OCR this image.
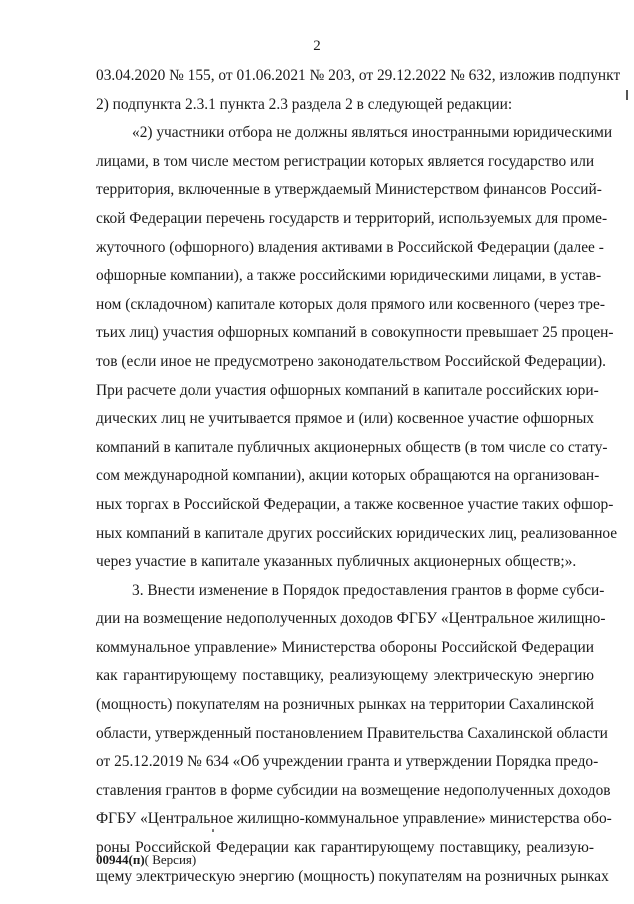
2
03.04.2020 № 155, от 01.06.2021 № 203, от 29.12.2022 № 632, изложив подпункт
2) подпункта 2.3.1 пункта 2.3 раздела 2 в следующей редакции:
«2) участники отбора не должны являться иностранными юридическими
лицами, в том числе местом регистрации которых является государство или
территория, включенные в утверждаемый Министерством финансов Россий-
ской Федерации перечень государств и территорий, используемых для проме-
жуточного (офшорного) владения активами в Российской Федерации (далее -
офшорные компании), а также российскими юридическими лицами, в устав-
ном (складочном) капитале которых доля прямого или косвенного (через тре-
тьих лиц) участия офшорных компаний в совокупности превышает 25 процен-
тов (если иное не предусмотрено законодательством Российской Федерации).
При расчете доли участия офшорных компаний в капитале российских юри-
дических лиц не учитывается прямое и (или) косвенное участие офшорных
компаний в капитале публичных акционерных обществ (в том числе со стату-
сом международной компании), акции которых обращаются на организован-
ных торгах в Российской Федерации, а также косвенное участие таких офшор-
ных компаний в капитале других российских юридических лиц, реализованное
через участие в капитале указанных публичных акционерных обществ;».
3. Внести изменение в Порядок предоставления грантов в форме субси-
дии на возмещение недополученных доходов ФГБУ «Центральное жилищно-
коммунальное управление» Министерства обороны Российской Федерации
как гарантирующему поставщику, реализующему электрическую энергию
(мощность) покупателям на розничных рынках на территории Сахалинской
области, утвержденный постановлением Правительства Сахалинской области
от 25.12.2019 № 634 «Об учреждении гранта и утверждении Порядка предо-
ставления грантов в форме субсидии на возмещение недополученных доходов
ФГБУ «Центральное жилищно-коммунальное управление» министерства обо-
роны Российской Федерации как гарантирующему поставщику, реализую-
щему электрическую энергию (мощность) покупателям на розничных рынках
00944(п)( Версия)
